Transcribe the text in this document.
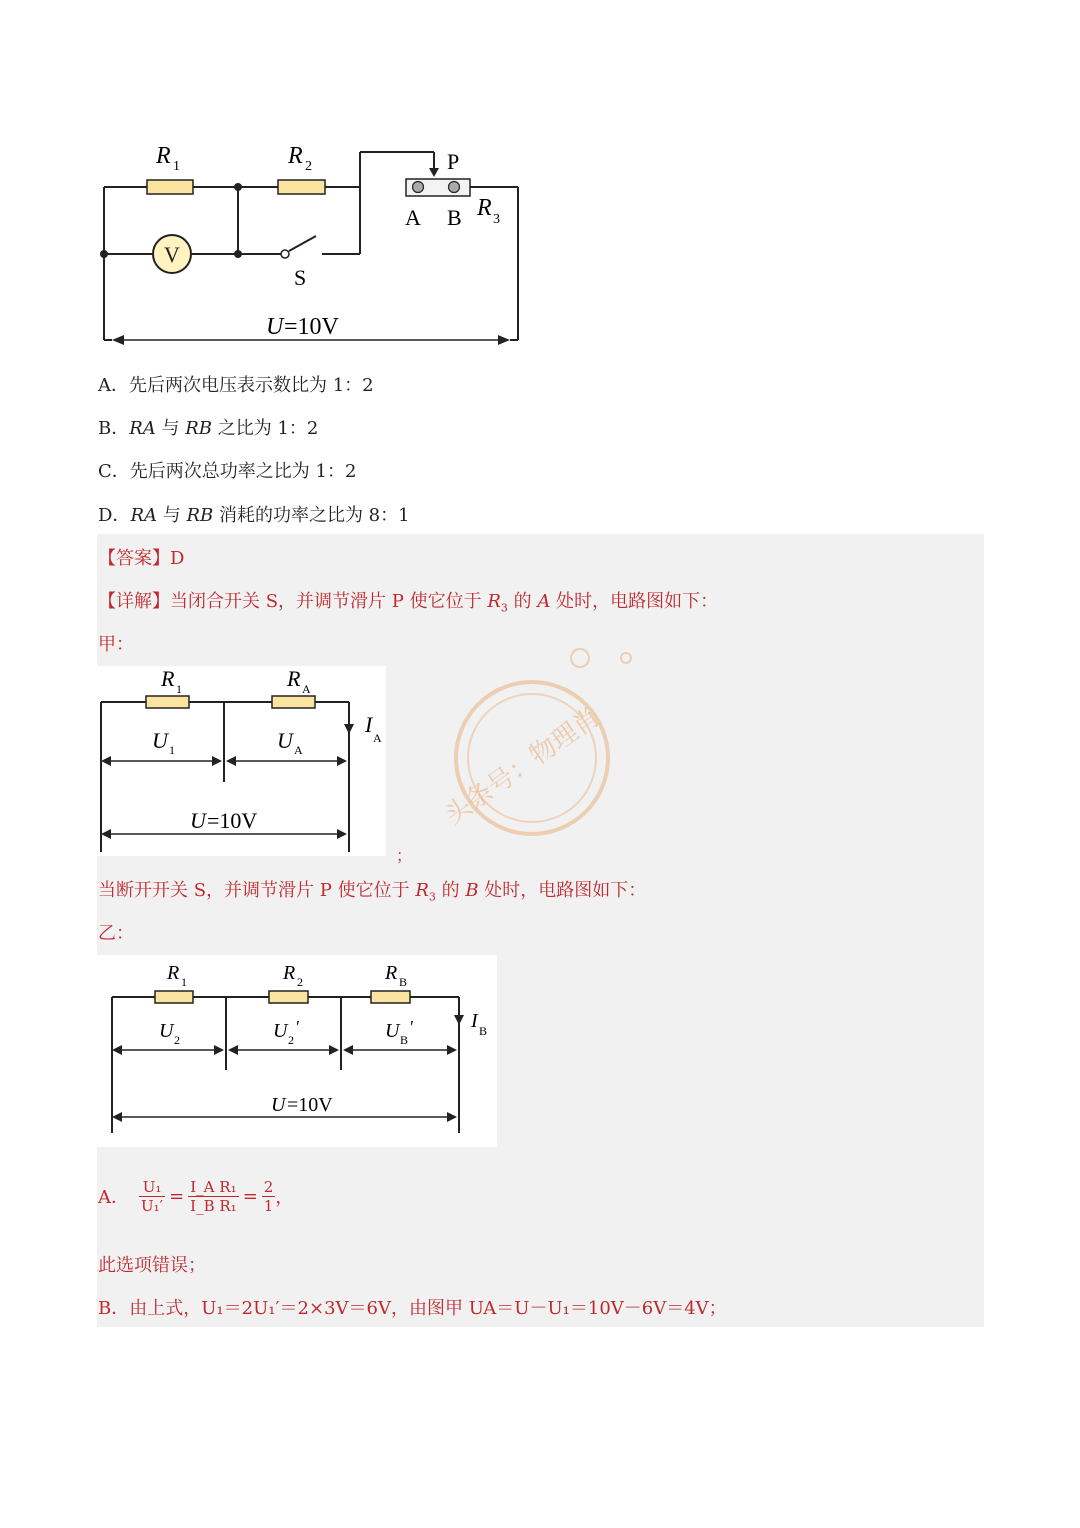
V
R 1	R 2	P
A B R 3
S
U =10V
A．先后两次电压表示数比为 1：2
B．RA 与 RB 之比为 1：2
C．先后两次总功率之比为 1：2
D．RA 与 RB 消耗的功率之比为 8：1
头条号：物理肖
【答案】D
【详解】当闭合开关 S，并调节滑片 P 使它位于 $R_3$ 的 A 处时，电路图如下：
甲：
R 1	R A
U 1	U A
I
A
U =10V
；
当断开开关 S，并调节滑片 P 使它位于 $R_3$ 的 B 处时，电路图如下：
乙：
R 1	R 2	R B
U 2	U 2
′	U B
′	I B
U =10V
A． $\frac{\text{U₁}}{\text{U₁′}} = \frac{\text{I\_A R₁}}{\text{I\_B R₁}} = \frac{2}{1}$ ，
此选项错误；
B．由上式，U₁＝2U₁′＝2×3V＝6V，由图甲 UA＝U－U₁＝10V－6V＝4V；
